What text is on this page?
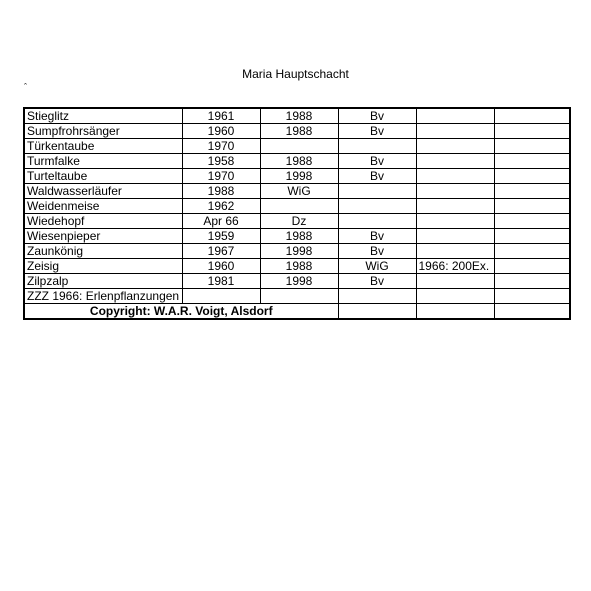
Maria Hauptschacht
ˆ
Stieglitz	1961	1988	Bv		
Sumpfrohrsänger	1960	1988	Bv		
Türkentaube	1970				
Turmfalke	1958	1988	Bv		
Turteltaube	1970	1998	Bv		
Waldwasserläufer	1988	WiG			
Weidenmeise	1962				
Wiedehopf	Apr 66	Dz			
Wiesenpieper	1959	1988	Bv		
Zaunkönig	1967	1998	Bv		
Zeisig	1960	1988	WiG	1966: 200Ex.	
Zilpzalp	1981	1998	Bv		
ZZZ 1966: Erlenpflanzungen					
Copyright: W.A.R. Voigt, Alsdorf					
